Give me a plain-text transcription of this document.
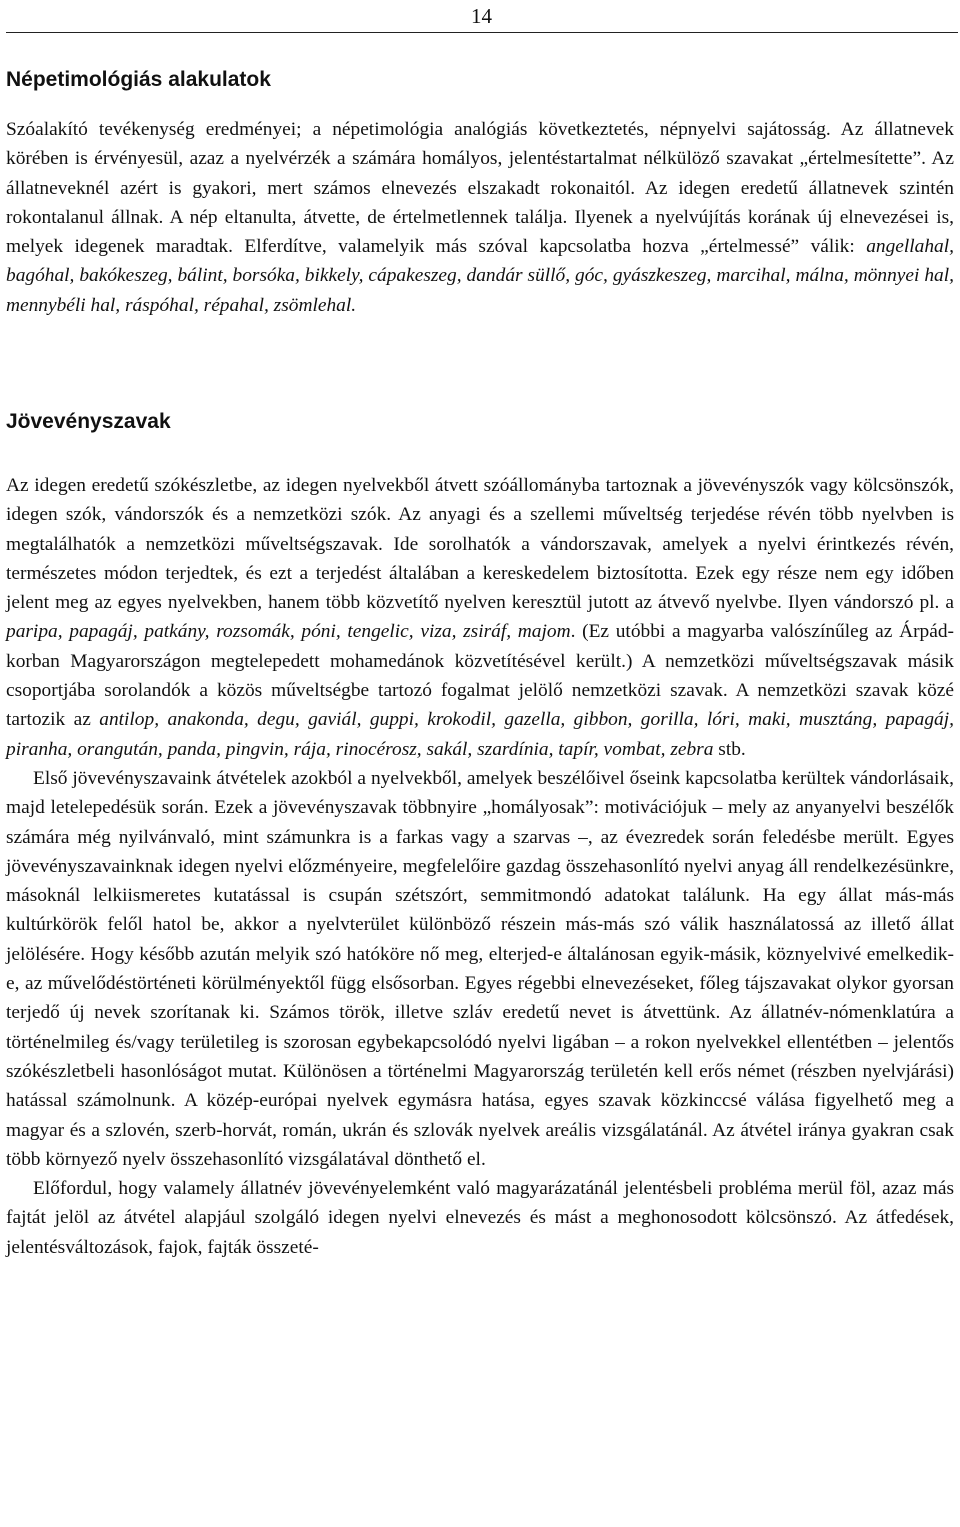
14
Népetimológiás alakulatok

Szóalakító tevékenység eredményei; a népetimológia analógiás következtetés, népnyelvi sajátosság. Az állatnevek körében is érvényesül, azaz a nyelvérzék a számára homályos, jelentéstartalmat nélkülöző szavakat „értelmesítette”. Az állatneveknél azért is gyakori, mert számos elnevezés elszakadt rokonaitól. Az idegen eredetű állatnevek szintén rokontalanul állnak. A nép eltanulta, átvette, de értelmetlennek találja. Ilyenek a nyelvújítás korának új elnevezései is, melyek idegenek maradtak. Elferdítve, valamelyik más szóval kapcsolatba hozva „értelmessé” válik: angellahal, bagóhal, bakókeszeg, bálint, borsóka, bikkely, cápakeszeg, dandár süllő, góc, gyászkeszeg, marcihal, málna, mönnyei hal, mennybéli hal, ráspóhal, répahal, zsömlehal.

Jövevényszavak

Az idegen eredetű szókészletbe, az idegen nyelvekből átvett szóállományba tartoznak a jövevényszók vagy kölcsönszók, idegen szók, vándorszók és a nemzetközi szók. Az anyagi és a szellemi műveltség terjedése révén több nyelvben is megtalálhatók a nemzetközi műveltségszavak. Ide sorolhatók a vándorszavak, amelyek a nyelvi érintkezés révén, természetes módon terjedtek, és ezt a terjedést általában a kereskedelem biztosította. Ezek egy része nem egy időben jelent meg az egyes nyelvekben, hanem több közvetítő nyelven keresztül jutott az átvevő nyelvbe. Ilyen vándorszó pl. a paripa, papagáj, patkány, rozsomák, póni, tengelic, viza, zsiráf, majom. (Ez utóbbi a magyarba valószínűleg az Árpád-korban Magyarországon megtelepedett mohamedánok közvetítésével került.) A nemzetközi műveltségszavak másik csoportjába sorolandók a közös műveltségbe tartozó fogalmat jelölő nemzetközi szavak. A nemzetközi szavak közé tartozik az antilop, anakonda, degu, gaviál, guppi, krokodil, gazella, gibbon, gorilla, lóri, maki, musztáng, papagáj, piranha, orangután, panda, pingvin, rája, rinocérosz, sakál, szardínia, tapír, vombat, zebra stb.

Első jövevényszavaink átvételek azokból a nyelvekből, amelyek beszélőivel őseink kapcsolatba kerültek vándorlásaik, majd letelepedésük során. Ezek a jövevényszavak többnyire „homályosak”: motivációjuk – mely az anyanyelvi beszélők számára még nyilvánvaló, mint számunkra is a farkas vagy a szarvas –, az évezredek során feledésbe merült. Egyes jövevényszavainknak idegen nyelvi előzményeire, megfelelőire gazdag összehasonlító nyelvi anyag áll rendelkezésünkre, másoknál lelkiismeretes kutatással is csupán szétszórt, semmitmondó adatokat találunk. Ha egy állat más-más kultúrkörök felől hatol be, akkor a nyelvterület különböző részein más-más szó válik használatossá az illető állat jelölésére. Hogy később azután melyik szó hatóköre nő meg, elterjed-e általánosan egyik-másik, köznyelvivé emelkedik-e, az művelődéstörténeti körülményektől függ elsősorban. Egyes régebbi elnevezéseket, főleg tájszavakat olykor gyorsan terjedő új nevek szorítanak ki. Számos török, illetve szláv eredetű nevet is átvettünk. Az állatnév-nómenklatúra a történelmileg és/vagy területileg is szorosan egybekapcsolódó nyelvi ligában – a rokon nyelvekkel ellentétben – jelentős szókészletbeli hasonlóságot mutat. Különösen a történelmi Magyarország területén kell erős német (részben nyelvjárási) hatással számolnunk. A közép-európai nyelvek egymásra hatása, egyes szavak közkinccsé válása figyelhető meg a magyar és a szlovén, szerb-horvát, román, ukrán és szlovák nyelvek areális vizsgálatánál. Az átvétel iránya gyakran csak több környező nyelv összehasonlító vizsgálatával dönthető el.

Előfordul, hogy valamely állatnév jövevényelemként való magyarázatánál jelentésbeli probléma merül föl, azaz más fajtát jelöl az átvétel alapjául szolgáló idegen nyelvi elnevezés és mást a meghonosodott kölcsönszó. Az átfedések, jelentésváltozások, fajok, fajták összeté-
